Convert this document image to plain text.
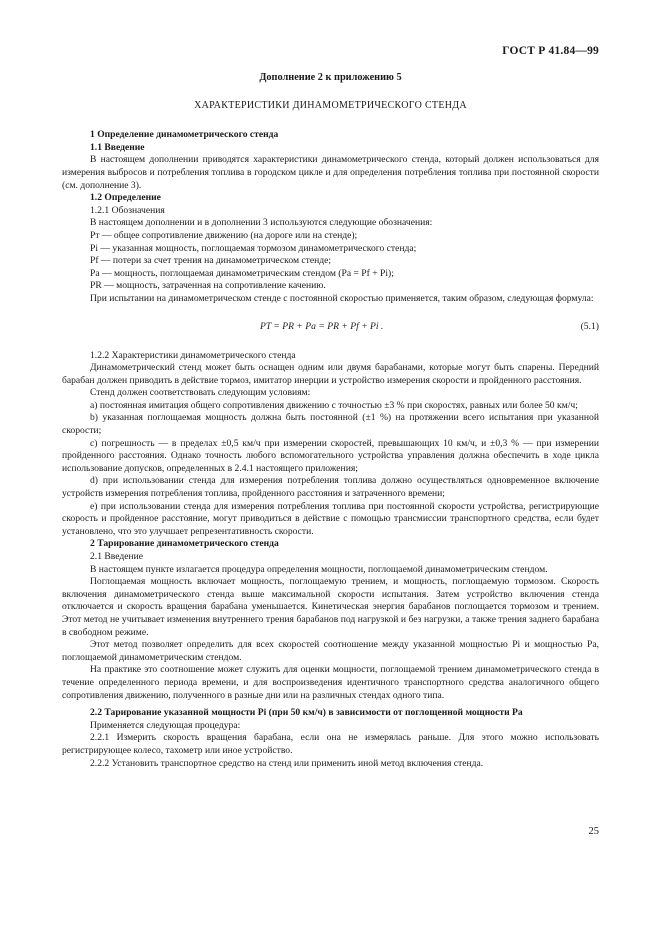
ГОСТ Р 41.84—99
Дополнение 2 к приложению 5
ХАРАКТЕРИСТИКИ ДИНАМОМЕТРИЧЕСКОГО СТЕНДА
1 Определение динамометрического стенда
1.1 Введение

В настоящем дополнении приводятся характеристики динамометрического стенда, который должен использоваться для измерения выбросов и потребления топлива в городском цикле и для определения потребления топлива при постоянной скорости (см. дополнение 3).

1.2 Определение
1.2.1 Обозначения

В настоящем дополнении и в дополнении 3 используются следующие обозначения:

Pт — общее сопротивление движению (на дороге или на стенде);

Pi — указанная мощность, поглощаемая тормозом динамометрического стенда;

Pf — потери за счет трения на динамометрическом стенде;

Pa — мощность, поглощаемая динамометрическим стендом (Pa = Pf + Pi);

PR — мощность, затраченная на сопротивление качению.

При испытании на динамометрическом стенде с постоянной скоростью применяется, таким образом, следующая формула:

PT = PR + Pa = PR + Pf + Pi .	(5.1)
1.2.2 Характеристики динамометрического стенда

Динамометрический стенд может быть оснащен одним или двумя барабанами, которые могут быть спарены. Передний барабан должен приводить в действие тормоз, имитатор инерции и устройство измерения скорости и пройденного расстояния.

Стенд должен соответствовать следующим условиям:

а) постоянная имитация общего сопротивления движению с точностью ±3 % при скоростях, равных или более 50 км/ч;

b) указанная поглощаемая мощность должна быть постоянной (±1 %) на протяжении всего испытания при указанной скорости;

с) погрешность — в пределах ±0,5 км/ч при измерении скоростей, превышающих 10 км/ч, и ±0,3 % — при измерении пройденного расстояния. Однако точность любого вспомогательного устройства управления должна обеспечить в ходе цикла использование допусков, определенных в 2.4.1 настоящего приложения;

d) при использовании стенда для измерения потребления топлива должно осуществляться одновременное включение устройств измерения потребления топлива, пройденного расстояния и затраченного времени;

е) при использовании стенда для измерения потребления топлива при постоянной скорости устройства, регистрирующие скорость и пройденное расстояние, могут приводиться в действие с помощью трансмиссии транспортного средства, если будет установлено, что это улучшает репрезентативность скорости.

2 Тарирование динамометрического стенда
2.1 Введение

В настоящем пункте излагается процедура определения мощности, поглощаемой динамометрическим стендом.

Поглощаемая мощность включает мощность, поглощаемую трением, и мощность, поглощаемую тормозом. Скорость включения динамометрического стенда выше максимальной скорости испытания. Затем устройство включения стенда отключается и скорость вращения барабана уменьшается. Кинетическая энергия барабанов поглощается тормозом и трением. Этот метод не учитывает изменения внутреннего трения барабанов под нагрузкой и без нагрузки, а также трения заднего барабана в свободном режиме.

Этот метод позволяет определить для всех скоростей соотношение между указанной мощностью Pi и мощностью Pa, поглощаемой динамометрическим стендом.

На практике это соотношение может служить для оценки мощности, поглощаемой трением динамометрического стенда в течение определенного периода времени, и для воспроизведения идентичного транспортного средства аналогичного общего сопротивления движению, полученного в разные дни или на различных стендах одного типа.

2.2 Тарирование указанной мощности Pi (при 50 км/ч) в зависимости от поглощенной мощности Pa

Применяется следующая процедура:

2.2.1 Измерить скорость вращения барабана, если она не измерялась раньше. Для этого можно использовать регистрирующее колесо, тахометр или иное устройство.

2.2.2 Установить транспортное средство на стенд или применить иной метод включения стенда.

25
